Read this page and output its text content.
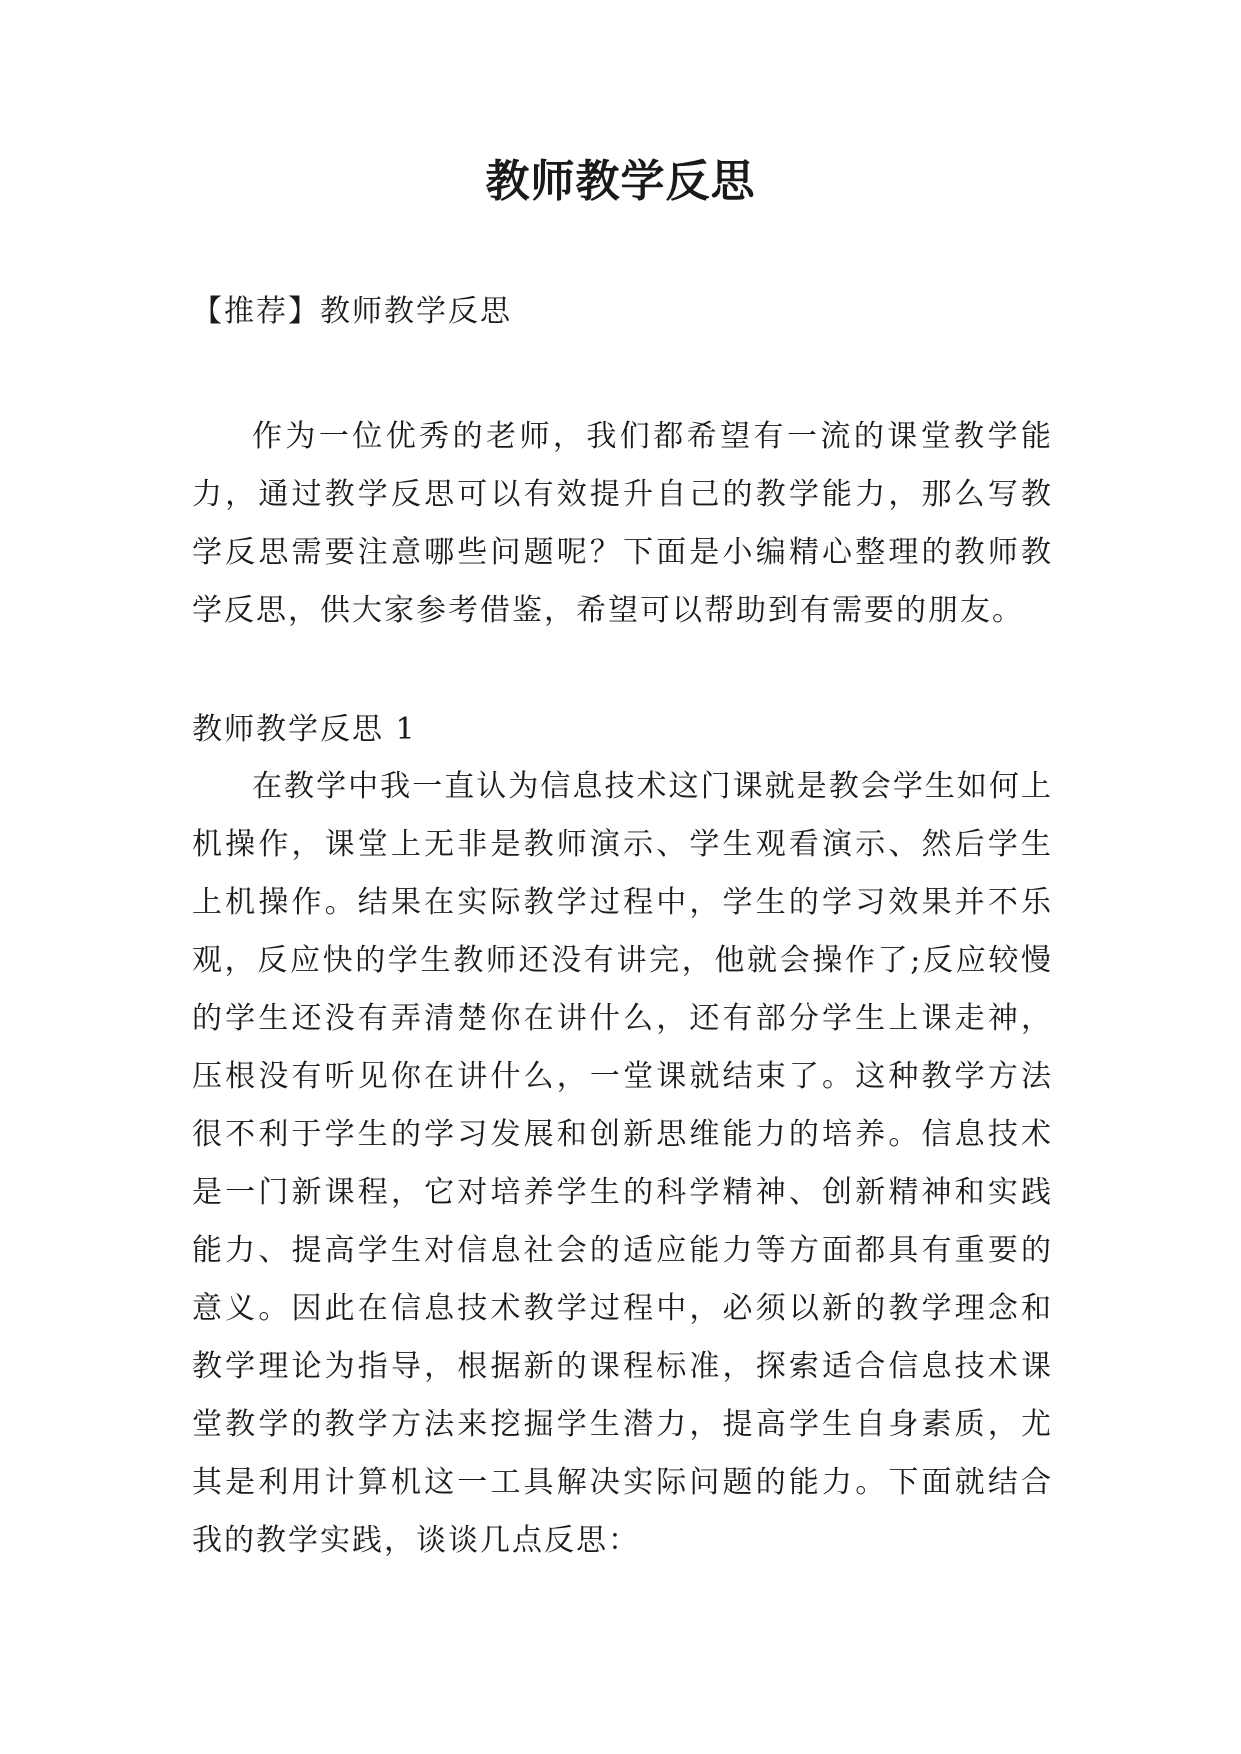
教师教学反思

【推荐】教师教学反思

作为一位优秀的老师，我们都希望有一流的课堂教学能力，通过教学反思可以有效提升自己的教学能力，那么写教学反思需要注意哪些问题呢？下面是小编精心整理的教师教学反思，供大家参考借鉴，希望可以帮助到有需要的朋友。

教师教学反思 1

在教学中我一直认为信息技术这门课就是教会学生如何上机操作，课堂上无非是教师演示、学生观看演示、然后学生上机操作。结果在实际教学过程中，学生的学习效果并不乐观，反应快的学生教师还没有讲完，他就会操作了;反应较慢的学生还没有弄清楚你在讲什么，还有部分学生上课走神，压根没有听见你在讲什么，一堂课就结束了。这种教学方法很不利于学生的学习发展和创新思维能力的培养。信息技术是一门新课程，它对培养学生的科学精神、创新精神和实践能力、提高学生对信息社会的适应能力等方面都具有重要的意义。因此在信息技术教学过程中，必须以新的教学理念和教学理论为指导，根据新的课程标准，探索适合信息技术课堂教学的教学方法来挖掘学生潜力，提高学生自身素质，尤其是利用计算机这一工具解决实际问题的能力。下面就结合我的教学实践，谈谈几点反思：
